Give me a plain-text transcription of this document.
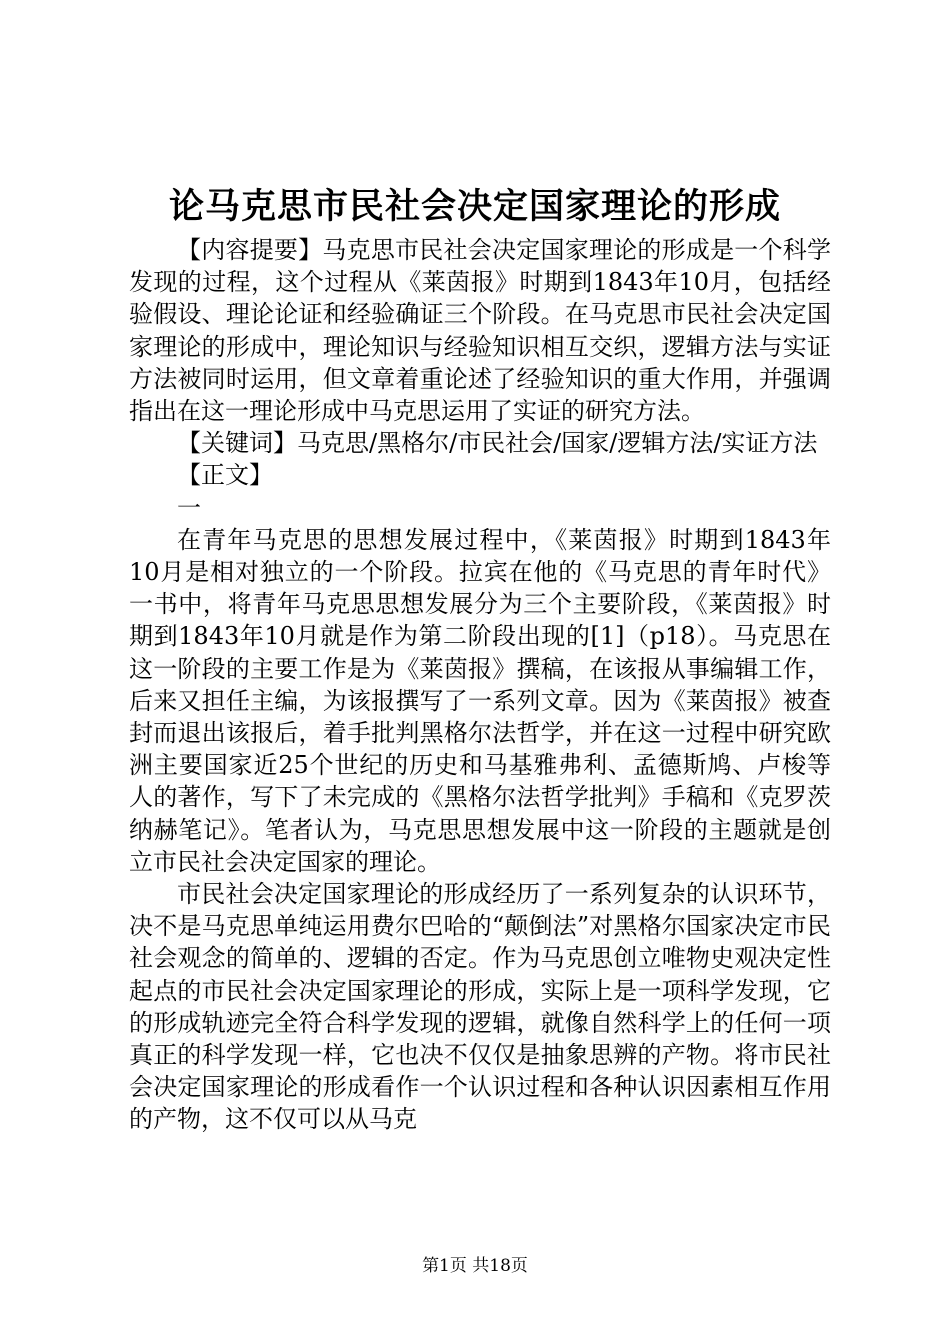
论马克思市民社会决定国家理论的形成

【内容提要】马克思市民社会决定国家理论的形成是一个科学发现的过程，这个过程从《莱茵报》时期到1843年10月，包括经验假设、理论论证和经验确证三个阶段。在马克思市民社会决定国家理论的形成中，理论知识与经验知识相互交织，逻辑方法与实证方法被同时运用，但文章着重论述了经验知识的重大作用，并强调指出在这一理论形成中马克思运用了实证的研究方法。

【关键词】马克思/黑格尔/市民社会/国家/逻辑方法/实证方法

【正文】

一

在青年马克思的思想发展过程中，《莱茵报》时期到1843年10月是相对独立的一个阶段。拉宾在他的《马克思的青年时代》一书中，将青年马克思思想发展分为三个主要阶段，《莱茵报》时期到1843年10月就是作为第二阶段出现的[1]（p18）。马克思在这一阶段的主要工作是为《莱茵报》撰稿，在该报从事编辑工作，后来又担任主编，为该报撰写了一系列文章。因为《莱茵报》被查封而退出该报后，着手批判黑格尔法哲学，并在这一过程中研究欧洲主要国家近25个世纪的历史和马基雅弗利、孟德斯鸠、卢梭等人的著作，写下了未完成的《黑格尔法哲学批判》手稿和《克罗茨纳赫笔记》。笔者认为，马克思思想发展中这一阶段的主题就是创立市民社会决定国家的理论。

市民社会决定国家理论的形成经历了一系列复杂的认识环节，决不是马克思单纯运用费尔巴哈的“颠倒法”对黑格尔国家决定市民社会观念的简单的、逻辑的否定。作为马克思创立唯物史观决定性起点的市民社会决定国家理论的形成，实际上是一项科学发现，它的形成轨迹完全符合科学发现的逻辑，就像自然科学上的任何一项真正的科学发现一样，它也决不仅仅是抽象思辨的产物。将市民社会决定国家理论的形成看作一个认识过程和各种认识因素相互作用的产物，这不仅可以从马克

第1页 共18页
